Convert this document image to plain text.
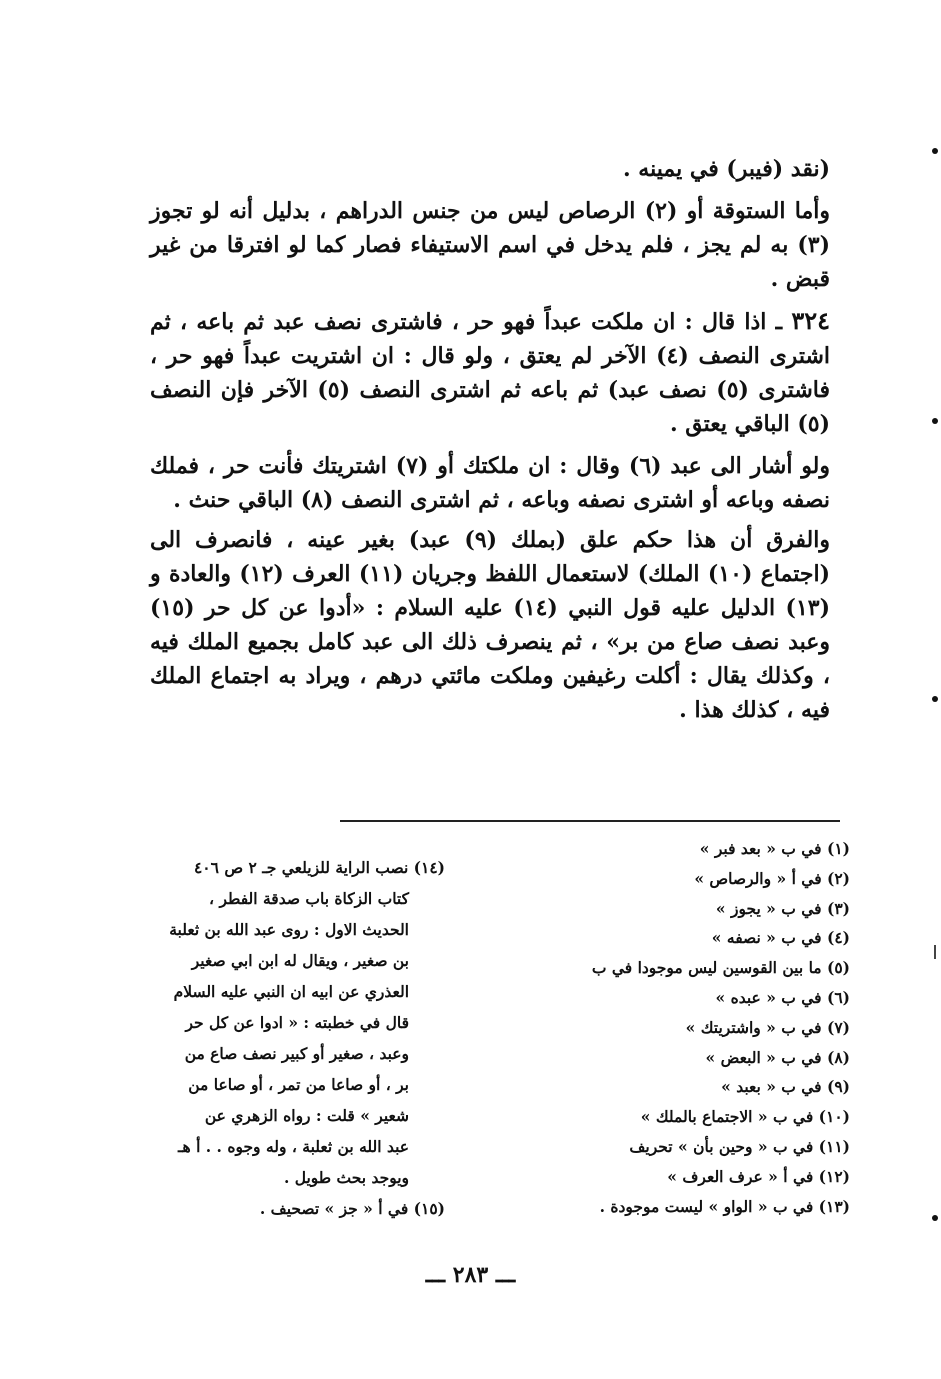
(نقد (فيبر) في يمينه .

وأما الستوقة أو (٢) الرصاص ليس من جنس الدراهم ، بدليل أنه لو تجوز (٣) به لم يجز ، فلم يدخل في اسم الاستيفاء فصار كما لو افترقا من غير قبض .

٣٢٤ ـ اذا قال : ان ملكت عبداً فهو حر ، فاشترى نصف عبد ثم باعه ، ثم اشترى النصف (٤) الآخر لم يعتق ، ولو قال : ان اشتريت عبداً فهو حر ، فاشترى (٥) نصف عبد) ثم باعه ثم اشترى النصف (٥) الآخر فإن النصف (٥) الباقي يعتق .

ولو أشار الى عبد (٦) وقال : ان ملكتك أو (٧) اشتريتك فأنت حر ، فملك نصفه وباعه أو اشترى نصفه وباعه ، ثم اشترى النصف (٨) الباقي حنث .

والفرق أن هذا حكم علق (بملك (٩) عبد) بغير عينه ، فانصرف الى (اجتماع (١٠) الملك) لاستعمال اللفظ وجريان (١١) العرف (١٢) والعادة و (١٣) الدليل عليه قول النبي (١٤) عليه السلام : «أدوا عن كل حر (١٥) وعبد نصف صاع من بر» ، ثم ينصرف ذلك الى عبد كامل بجميع الملك فيه ، وكذلك يقال : أكلت رغيفين وملكت مائتي درهم ، ويراد به اجتماع الملك فيه ، كذلك هذا .

(١) في ب « بعد فبر »
(٢) في أ « والرصاص »
(٣) في ب « يجوز »
(٤) في ب « نصفه »
(٥) ما بين القوسين ليس موجودا في ب
(٦) في ب « عبده »
(٧) في ب « واشتريتك »
(٨) في ب « البعض »
(٩) في ب « بعبد »
(١٠) في ب « الاجتماع بالملك »
(١١) في ب « وحين بأن » تحريف
(١٢) في أ « عرف العرف »
(١٣) في ب « الواو » ليست موجودة .
(١٤) نصب الراية للزيلعي جـ ٢ ص ٤٠٦
كتاب الزكاة باب صدقة الفطر ،
الحديث الاول : روى عبد الله بن ثعلبة
بن صغير ، ويقال له ابن ابي صغير
العذري عن ابيه ان النبي عليه السلام
قال في خطبته : « ادوا عن كل حر
وعبد ، صغير أو كبير نصف صاع من
بر ، أو صاعا من تمر ، أو صاعا من
شعير » قلت : رواه الزهري عن
عبد الله بن ثعلبة ، وله وجوه . . أ هـ
ويوجد بحث طويل .
(١٥) في أ « جز » تصحيف .
ـــ ٢٨٣ ـــ
